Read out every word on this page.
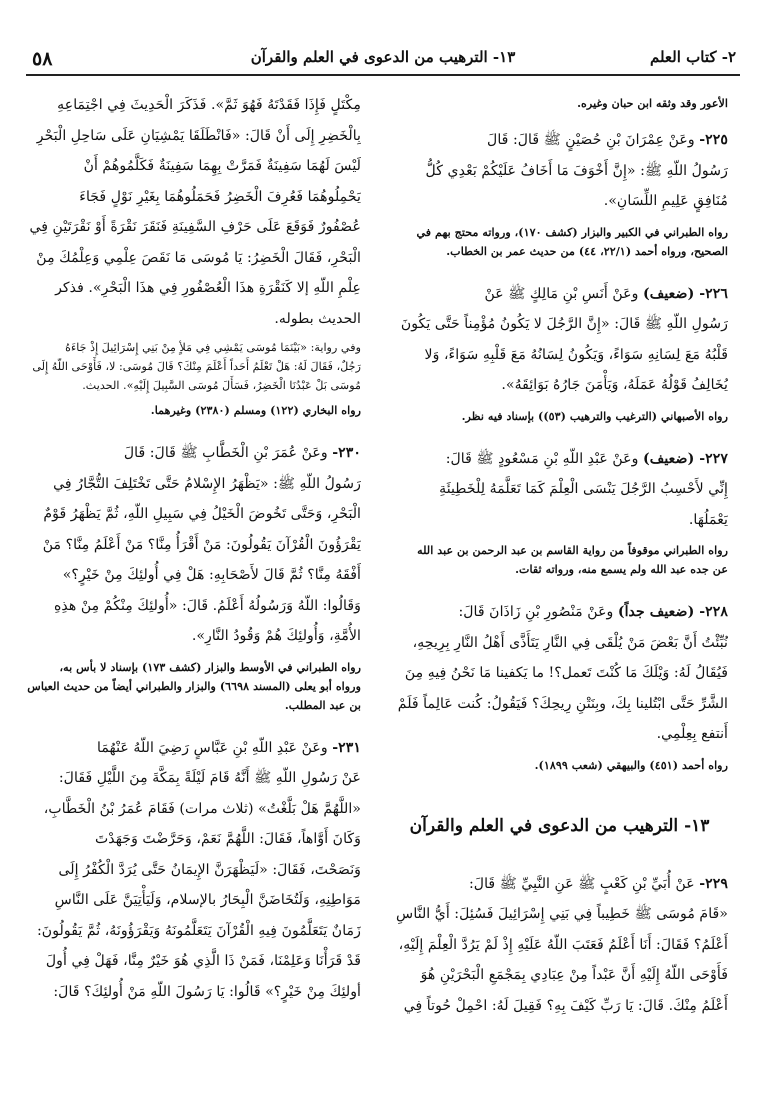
٥٨	١٣- الترهيب من الدعوى في العلم والقرآن	٢- كتاب العلم

الأعور وقد وثقه ابن حبان وغيره.

٢٢٥- وعَنْ عِمْرَانَ بْنِ حُصَيْنٍ ﷺ قَالَ: قَالَ

رَسُولُ اللّهِ ﷺ: «إِنَّ أَخْوَفَ مَا أَخَافُ عَلَيْكُمْ بَعْدِي كُلُّ

مُنَافِقٍ عَلِيمِ اللِّسَانِ».

رواه الطبراني في الكبير والبزار (كشف ١٧٠)، ورواته محتج بهم في
الصحيح، ورواه أحمد (٢٢/١، ٤٤) من حديث عمر بن الخطاب.

٢٢٦- (ضعيف) وعَنْ أَنَسِ بْنِ مَالِكٍ ﷺ عَنْ

رَسُولِ اللّهِ ﷺ قَالَ: «إِنَّ الرَّجُلَ لا يَكُونُ مُؤْمِناً حَتَّى يَكُونَ

قَلْبُهُ مَعَ لِسَانِهِ سَوَاءً، وَيَكُونُ لِسَانُهُ مَعَ قَلْبِهِ سَوَاءً، وَلا

يُخَالِفُ قَوْلُهُ عَمَلَهُ، وَيَأْمَنَ جَارُهُ بَوَائِقَهُ».

رواه الأصبهاني (الترغيب والترهيب (٥٣)) بإسناد فيه نظر.

٢٢٧- (ضعيف) وعَنْ عَبْدِ اللّهِ بْنِ مَسْعُودٍ ﷺ قَالَ:

إِنِّي لأَحْسِبُ الرَّجُلَ يَنْسَى الْعِلْمَ كَمَا تَعَلَّمَهُ لِلْخَطِيئَةِ

يَعْمَلُهَا.

رواه الطبراني موقوفاً من رواية القاسم بن عبد الرحمن بن عبد الله
عن جده عبد الله ولم يسمع منه، ورواته ثقات.

٢٢٨- (ضعيف جداً) وعَنْ مَنْصُورِ بْنِ زَاذَانَ قَالَ:

نُبِّئْتُ أَنَّ بَعْضَ مَنْ يُلْقَى فِي النَّارِ يَتَأَذَّى أَهْلُ النَّارِ بِرِيحِهِ،

فَيُقَالُ لَهُ: وَيْلَكَ مَا كُنْتَ تَعمل؟! ما يَكفينا مَا نَحْنُ فِيهِ مِنَ

الشَّرِّ حَتَّى ابْتُلينا بِكَ، وبِنَتْنِ رِيحِكَ؟ فَيَقُولُ: كُنت عَالِماً فَلَمْ

أَنتفع بِعِلْمِي.

رواه أحمد (٤٥١) والبيهقي (شعب ١٨٩٩).

١٣- الترهيب من الدعوى في العلم والقرآن

٢٢٩- عَنْ أُبَيِّ بْنِ كَعْبٍ ﷺ عَنِ النَّبِيِّ ﷺ قَالَ:

«قَامَ مُوسَى ﷺ خَطِيباً فِي بَنِي إِسْرَائِيلَ فَسُئِلَ: أَيُّ النَّاسِ

أَعْلَمُ؟ فَقَالَ: أَنَا أَعْلَمُ فَعَتَبَ اللّهُ عَلَيْهِ إِذْ لَمْ يَرُدَّ الْعِلْمَ إِلَيْهِ،

فَأَوْحَى اللّهُ إِلَيْهِ أَنَّ عَبْداً مِنْ عِبَادِي بِمَجْمَعِ الْبَحْرَيْنِ هُوَ

أَعْلَمُ مِنْكَ. قَالَ: يَا رَبِّ كَيْفَ بِهِ؟ فَقِيلَ لَهُ: احْمِلْ حُوتاً فِي

مِكْتَلٍ فَإِذَا فَقَدْتَهُ فَهُوَ ثَمَّ». فَذَكَرَ الْحَدِيثَ فِي اجْتِمَاعِهِ

بِالْخَضِرِ إِلَى أَنْ قَالَ: «فَانْطَلَقَا يَمْشِيَانِ عَلَى سَاحِلِ الْبَحْرِ

لَيْسَ لَهُمَا سَفِينَةٌ فَمَرَّتْ بِهِمَا سَفِينَةٌ فَكَلَّمُوهُمْ أَنْ

يَحْمِلُوهُمَا فَعُرِفَ الْخَضِرُ فَحَمَلُوهُمَا بِغَيْرِ نَوْلٍ فَجَاءَ

عُصْفُورٌ فَوَقَعَ عَلَى حَرْفِ السَّفِينَةِ فَنَقَرَ نَقْرَةً أَوْ نَقْرَتَيْنِ فِي

الْبَحْرِ، فَقَالَ الْخَضِرُ: يَا مُوسَى مَا نَقَصَ عِلْمِي وَعِلْمُكَ مِنْ

عِلْمِ اللّهِ إلا كَنَقْرَةِ هذَا الْعُصْفُورِ فِي هذَا الْبَحْرِ». فذكر

الحديث بطوله.

وفي رواية: «بَيْنَمَا مُوسَى يَمْشِي فِي مَلأٍ مِنْ بَنِي إِسْرَائِيلَ إِذْ جَاءَهُ
رَجُلٌ، فَقَالَ لَهُ: هَلْ تَعْلَمُ أَحَداً أَعْلَمَ مِنْكَ؟ قَالَ مُوسَى: لا، فَأَوْحَى اللّهُ إِلَى
مُوسَى بَلْ عَبْدُنَا الْخَضِرُ، فَسَأَلَ مُوسَى السَّبِيلَ إِلَيْهِ». الحديث.
رواه البخاري (١٢٢) ومسلم (٢٣٨٠) وغيرهما.

٢٣٠- وعَنْ عُمَرَ بْنِ الْخَطَّابِ ﷺ قَالَ: قَالَ

رَسُولُ اللّهِ ﷺ: «يَظْهَرُ الإِسْلامُ حَتَّى تَخْتَلِفَ التُّجَّارُ فِي

الْبَحْرِ، وَحَتَّى تَخُوضَ الْخَيْلُ فِي سَبِيلِ اللّهِ، ثُمَّ يَظْهَرُ قَوْمٌ

يَقْرَؤُونَ الْقُرْآنَ يَقُولُونَ: مَنْ أَقْرَأُ مِنَّا؟ مَنْ أَعْلَمُ مِنَّا؟ مَنْ

أَفْقَهُ مِنَّا؟ ثُمَّ قَالَ لأَصْحَابِهِ: هَلْ فِي أُولئِكَ مِنْ خَيْرٍ؟»

وَقَالُوا: اللّهُ وَرَسُولُهُ أَعْلَمُ. قَالَ: «أُولئِكَ مِنْكُمْ مِنْ هذِهِ

الأُمَّةِ، وَأُولئِكَ هُمْ وَقُودُ النَّارِ».

رواه الطبراني في الأوسط والبزار (كشف ١٧٣) بإسناد لا بأس به،
ورواه أبو يعلى (المسند ٦٦٩٨) والبزار والطبراني أيضاً من حديث العباس
بن عبد المطلب.

٢٣١- وعَنْ عَبْدِ اللّهِ بْنِ عَبَّاسٍ رَضِيَ اللّهُ عَنْهُمَا

عَنْ رَسُولِ اللّهِ ﷺ أَنَّهُ قَامَ لَيْلَةً بِمَكَّةَ مِنَ اللَّيْلِ فَقَالَ:

«اللَّهُمَّ هَلْ بَلَّغْتُ» (ثلاث مرات) فَقَامَ عُمَرُ بْنُ الْخَطَّابِ،

وَكَانَ أَوَّاهاً، فَقَالَ: اللَّهُمَّ نَعَمْ، وَحَرَّضْتَ وَجَهَدْتَ

وَنَصَحْتَ، فَقَالَ: «لَيَظْهَرَنَّ الإِيمَانُ حَتَّى يُرَدَّ الْكُفْرُ إِلَى

مَوَاطِنِهِ، وَلَتُخَاضَنَّ الْبِحَارُ بالإسلام، وَلَيَأْتِيَنَّ عَلَى النَّاسِ

زَمَانٌ يَتَعَلَّمُونَ فِيهِ الْقُرْآنَ يَتَعَلَّمُونَهُ وَيَقْرَؤُونَهُ، ثُمَّ يَقُولُونَ:

قَدْ قَرَأْنَا وَعَلِمْنَا، فَمَنْ ذَا الَّذِي هُوَ خَيْرٌ مِنَّا، فَهَلْ فِي أُولَ

أولئِكَ مِنْ خَيْرٍ؟» قَالُوا: يَا رَسُولَ اللّهِ مَنْ أُولئِكَ؟ قَالَ:
